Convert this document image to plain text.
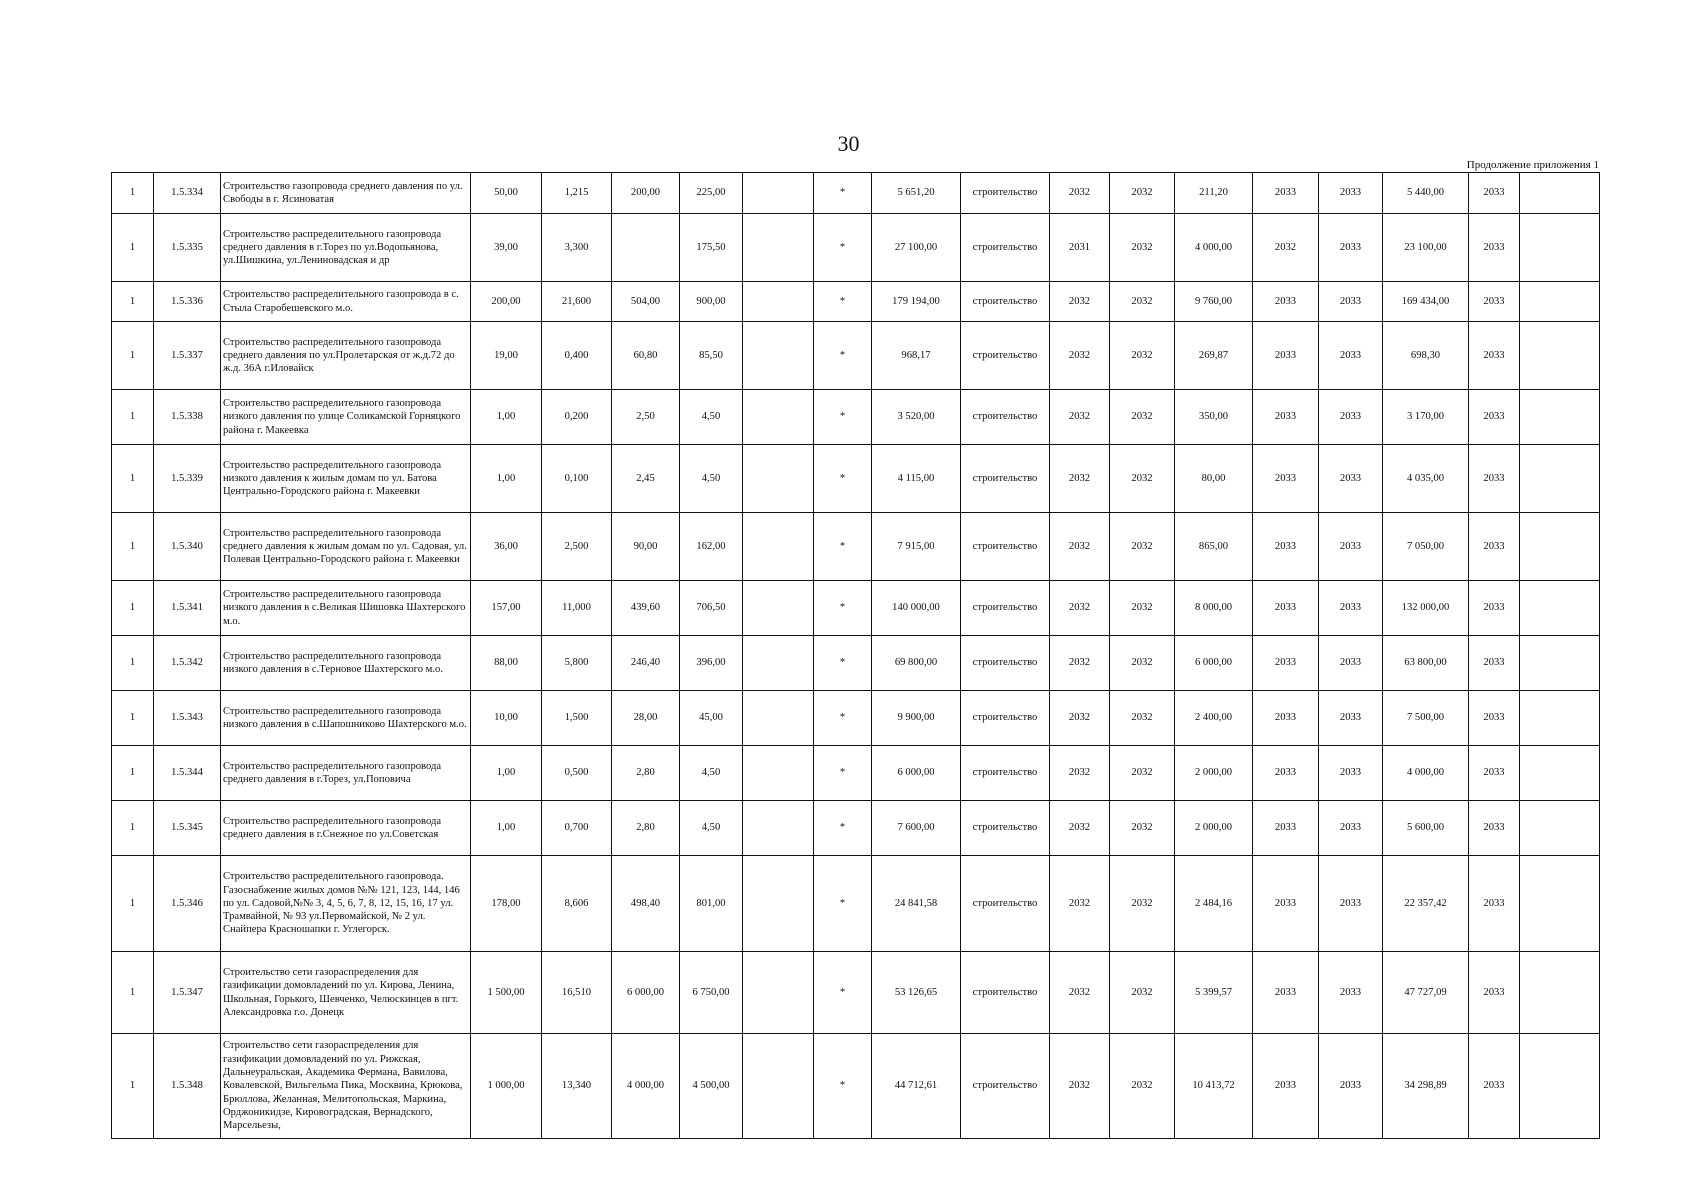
30
Продолжение приложения 1
1	1.5.334	Строительство газопровода среднего давления по ул. Свободы в г. Ясиноватая	50,00	1,215	200,00	225,00		*	5 651,20	строительство	2032	2032	211,20	2033	2033	5 440,00	2033	
1	1.5.335	Строительство распределительного газопровода среднего давления в г.Торез по ул.Водопьянова, ул.Шишкина, ул.Лениновадская и др	39,00	3,300		175,50		*	27 100,00	строительство	2031	2032	4 000,00	2032	2033	23 100,00	2033	
1	1.5.336	Строительство распределительного газопровода в с. Стыла Старобешевского м.о.	200,00	21,600	504,00	900,00		*	179 194,00	строительство	2032	2032	9 760,00	2033	2033	169 434,00	2033	
1	1.5.337	Строительство распределительного газопровода среднего давления по ул.Пролетарская от ж.д.72 до ж.д. 36А г.Иловайск	19,00	0,400	60,80	85,50		*	968,17	строительство	2032	2032	269,87	2033	2033	698,30	2033	
1	1.5.338	Строительство распределительного газопровода низкого давления по улице Соликамской Горняцкого района г. Макеевка	1,00	0,200	2,50	4,50		*	3 520,00	строительство	2032	2032	350,00	2033	2033	3 170,00	2033	
1	1.5.339	Строительство распределительного газопровода низкого давления к жилым домам по ул. Батова Центрально-Городского района г. Макеевки	1,00	0,100	2,45	4,50		*	4 115,00	строительство	2032	2032	80,00	2033	2033	4 035,00	2033	
1	1.5.340	Строительство распределительного газопровода среднего давления к жилым домам по ул. Садовая, ул. Полевая Центрально-Городского района г. Макеевки	36,00	2,500	90,00	162,00		*	7 915,00	строительство	2032	2032	865,00	2033	2033	7 050,00	2033	
1	1.5.341	Строительство распределительного газопровода низкого давления в с.Великая Шишовка Шахтерского м.о.	157,00	11,000	439,60	706,50		*	140 000,00	строительство	2032	2032	8 000,00	2033	2033	132 000,00	2033	
1	1.5.342	Строительство распределительного газопровода низкого давления в с.Терновое Шахтерского м.о.	88,00	5,800	246,40	396,00		*	69 800,00	строительство	2032	2032	6 000,00	2033	2033	63 800,00	2033	
1	1.5.343	Строительство распределительного газопровода низкого давления в с.Шапошниково Шахтерского м.о.	10,00	1,500	28,00	45,00		*	9 900,00	строительство	2032	2032	2 400,00	2033	2033	7 500,00	2033	
1	1.5.344	Строительство распределительного газопровода среднего давления в г.Торез, ул.Поповича	1,00	0,500	2,80	4,50		*	6 000,00	строительство	2032	2032	2 000,00	2033	2033	4 000,00	2033	
1	1.5.345	Строительство распределительного газопровода среднего давления в г.Снежное по ул.Советская	1,00	0,700	2,80	4,50		*	7 600,00	строительство	2032	2032	2 000,00	2033	2033	5 600,00	2033	
1	1.5.346	Строительство распределительного газопровода. Газоснабжение жилых домов №№ 121, 123, 144, 146 по ул. Садовой,№№ 3, 4, 5, 6, 7, 8, 12, 15, 16, 17 ул. Трамвайной, № 93 ул.Первомайской, № 2 ул. Снайпера Красношапки г. Углегорск.	178,00	8,606	498,40	801,00		*	24 841,58	строительство	2032	2032	2 484,16	2033	2033	22 357,42	2033	
1	1.5.347	Строительство сети газораспределения для газификации домовладений по ул. Кирова, Ленина, Школьная, Горького, Шевченко, Челюскинцев в пгт. Александровка г.о. Донецк	1 500,00	16,510	6 000,00	6 750,00		*	53 126,65	строительство	2032	2032	5 399,57	2033	2033	47 727,09	2033	
1	1.5.348	Строительство сети газораспределения для газификации домовладений по ул. Рижская, Дальнеуральская, Академика Фермана, Вавилова, Ковалевской, Вильгельма Пика, Москвина, Крюкова, Брюллова, Желанная, Мелитопольская, Маркина, Орджоникидзе, Кировоградская, Вернадского, Марсельезы,	1 000,00	13,340	4 000,00	4 500,00		*	44 712,61	строительство	2032	2032	10 413,72	2033	2033	34 298,89	2033	
